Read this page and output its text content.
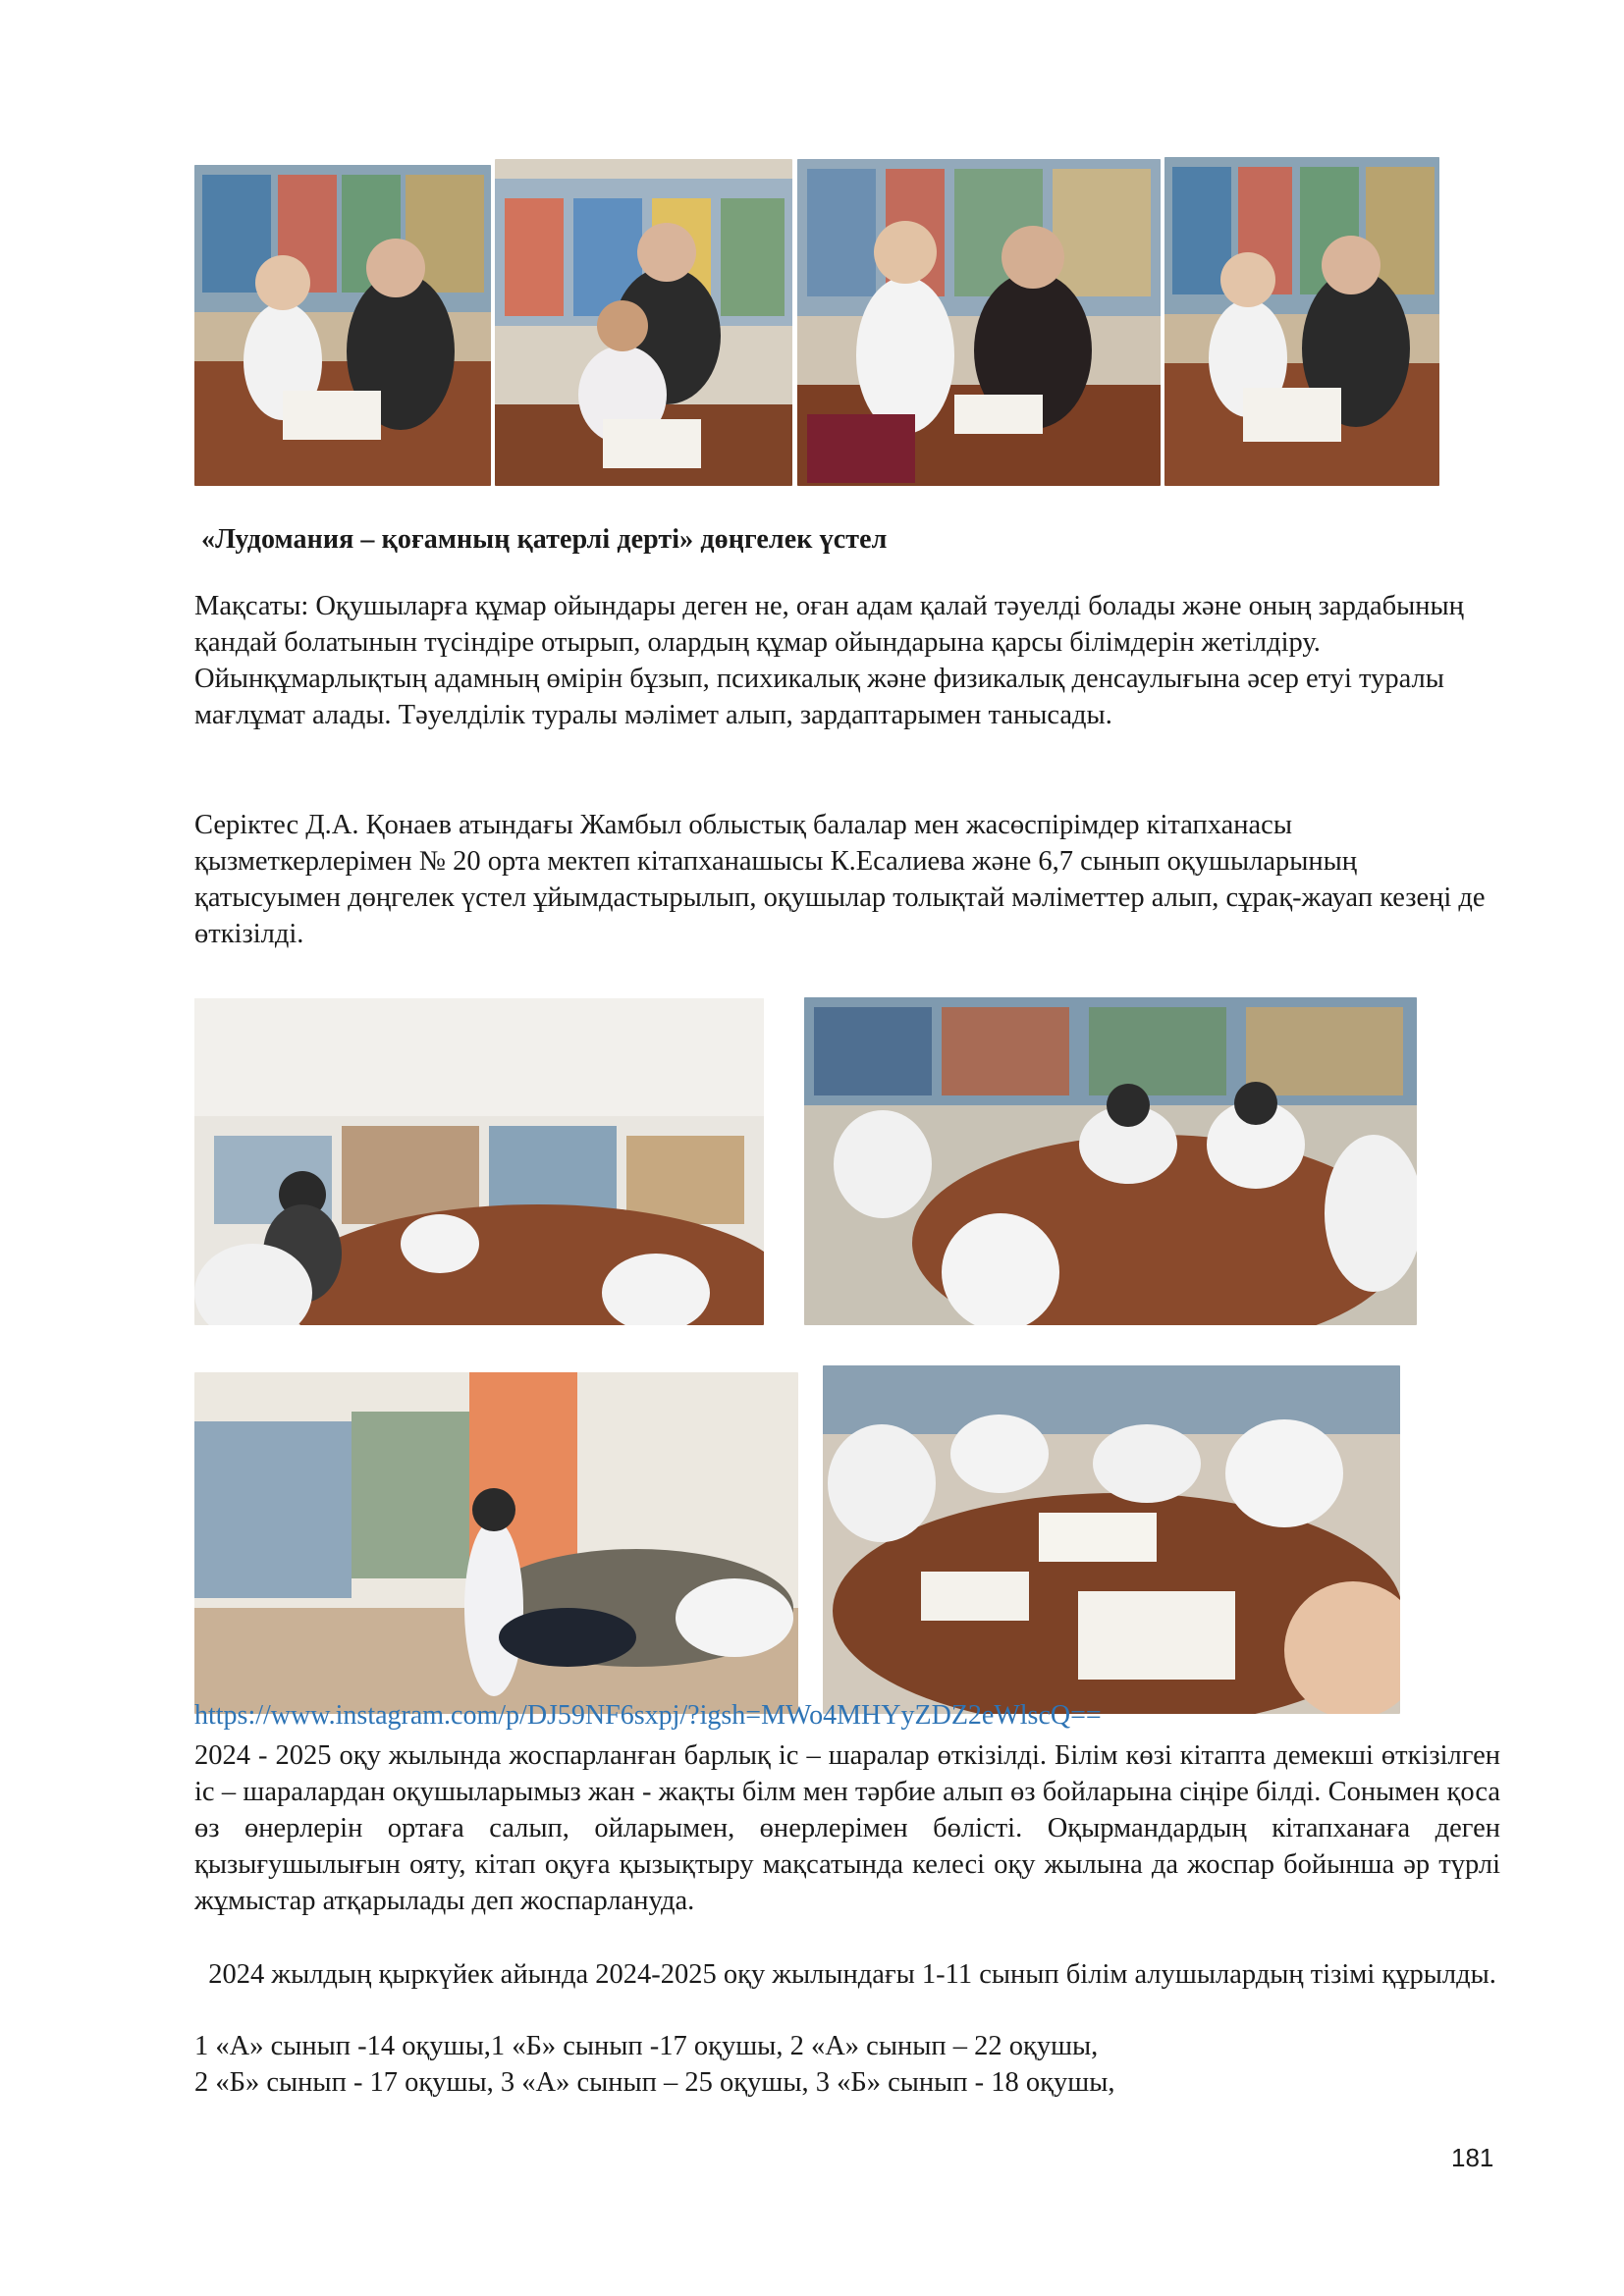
«Лудомания – қоғамның қатерлі дерті» дөңгелек үстел
Мақсаты: Оқушыларға құмар ойындары деген не, оған адам қалай тәуелді болады және оның зардабының қандай болатынын түсіндіре отырып, олардың құмар ойындарына қарсы білімдерін жетілдіру. Ойынқұмарлықтың адамның өмірін бұзып, психикалық және физикалық денсаулығына әсер етуі туралы мағлұмат алады. Тәуелділік туралы мәлімет алып, зардаптарымен танысады.
Серіктес Д.А. Қонаев атындағы Жамбыл облыстық балалар мен жасөспірімдер кітапханасы қызметкерлерімен № 20 орта мектеп кітапханашысы К.Есалиева және 6,7 сынып оқушыларының қатысуымен дөңгелек үстел ұйымдастырылып, оқушылар толықтай мәліметтер алып, сұрақ-жауап кезеңі де өткізілді.
https://www.instagram.com/p/DJ59NF6sxpj/?igsh=MWo4MHYyZDZ2eWlscQ==
2024 - 2025 оқу жылында жоспарланған барлық іс – шаралар өткізілді. Білім көзі кітапта демекші өткізілген іс – шаралардан оқушыларымыз жан - жақты білм мен тәрбие алып өз бойларына сіңіре білді. Сонымен қоса өз өнерлерін ортаға салып, ойларымен, өнерлерімен бөлісті. Оқырмандардың кітапханаға деген қызығушылығын ояту, кітап оқуға қызықтыру мақсатында келесі оқу жылына да жоспар бойынша әр түрлі жұмыстар атқарылады деп жоспарлануда.
2024 жылдың қыркүйек айында 2024-2025 оқу жылындағы 1-11 сынып білім алушылардың тізімі құрылды.
1 «А» сынып -14 оқушы,1 «Б» сынып -17 оқушы, 2 «А» сынып – 22 оқушы,
2 «Б» сынып - 17 оқушы, 3 «А» сынып – 25 оқушы, 3 «Б» сынып - 18 оқушы,
181
